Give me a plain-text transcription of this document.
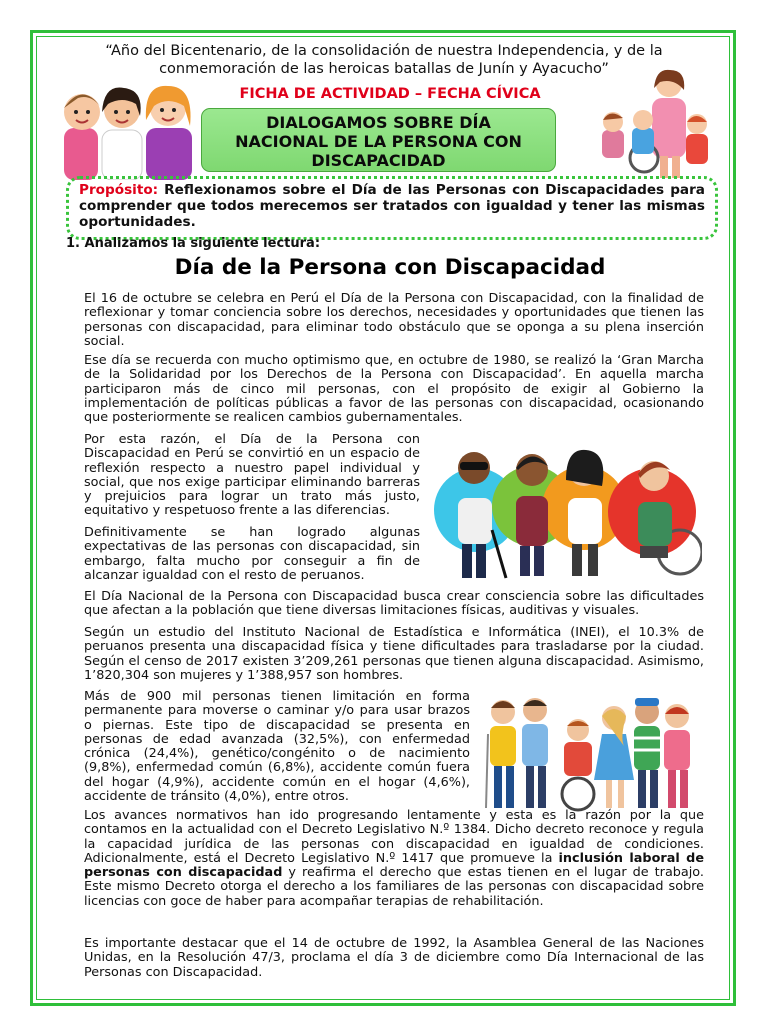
“Año del Bicentenario, de la consolidación de nuestra Independencia, y de la
conmemoración de las heroicas batallas de Junín y Ayacucho”
FICHA DE ACTIVIDAD – FECHA CÍVICA
DIALOGAMOS SOBRE DÍA
NACIONAL DE LA PERSONA CON
DISCAPACIDAD
Propósito: Reflexionamos sobre el Día de las Personas con Discapacidades para comprender que todos merecemos ser tratados con igualdad y tener las mismas oportunidades.
1. Analizamos la siguiente lectura:
Día de la Persona con Discapacidad
El 16 de octubre se celebra en Perú el Día de la Persona con Discapacidad, con la finalidad de reflexionar y tomar conciencia sobre los derechos, necesidades y oportunidades que tienen las personas con discapacidad, para eliminar todo obstáculo que se oponga a su plena inserción social.
Ese día se recuerda con mucho optimismo que, en octubre de 1980, se realizó la ‘Gran Marcha de la Solidaridad por los Derechos de la Persona con Discapacidad’. En aquella marcha participaron más de cinco mil personas, con el propósito de exigir al Gobierno la implementación de políticas públicas a favor de las personas con discapacidad, ocasionando que posteriormente se realicen cambios gubernamentales.
Por esta razón, el Día de la Persona con Discapacidad en Perú se convirtió en un espacio de reflexión respecto a nuestro papel individual y social, que nos exige participar eliminando barreras y prejuicios para lograr un trato más justo, equitativo y respetuoso frente a las diferencias.
Definitivamente se han logrado algunas expectativas de las personas con discapacidad, sin embargo, falta mucho por conseguir a fin de alcanzar igualdad con el resto de peruanos.
El Día Nacional de la Persona con Discapacidad busca crear consciencia sobre las dificultades que afectan a la población que tiene diversas limitaciones físicas, auditivas y visuales.
Según un estudio del Instituto Nacional de Estadística e Informática (INEI), el 10.3% de peruanos presenta una discapacidad física y tiene dificultades para trasladarse por la ciudad. Según el censo de 2017 existen 3’209,261 personas que tienen alguna discapacidad. Asimismo, 1’820,304 son mujeres y 1’388,957 son hombres.
Más de 900 mil personas tienen limitación en forma permanente para moverse o caminar y/o para usar brazos o piernas. Este tipo de discapacidad se presenta en personas de edad avanzada (32,5%), con enfermedad crónica (24,4%), genético/congénito o de nacimiento (9,8%), enfermedad común (6,8%), accidente común fuera del hogar (4,9%), accidente común en el hogar (4,6%), accidente de tránsito (4,0%), entre otros.
Los avances normativos han ido progresando lentamente y esta es la razón por la que contamos en la actualidad con el Decreto Legislativo N.º 1384. Dicho decreto reconoce y regula la capacidad jurídica de las personas con discapacidad en igualdad de condiciones. Adicionalmente, está el Decreto Legislativo N.º 1417 que promueve la inclusión laboral de personas con discapacidad y reafirma el derecho que estas tienen en el lugar de trabajo. Este mismo Decreto otorga el derecho a los familiares de las personas con discapacidad sobre licencias con goce de haber para acompañar terapias de rehabilitación.
Es importante destacar que el 14 de octubre de 1992, la Asamblea General de las Naciones Unidas, en la Resolución 47/3, proclama el día 3 de diciembre como Día Internacional de las Personas con Discapacidad.
